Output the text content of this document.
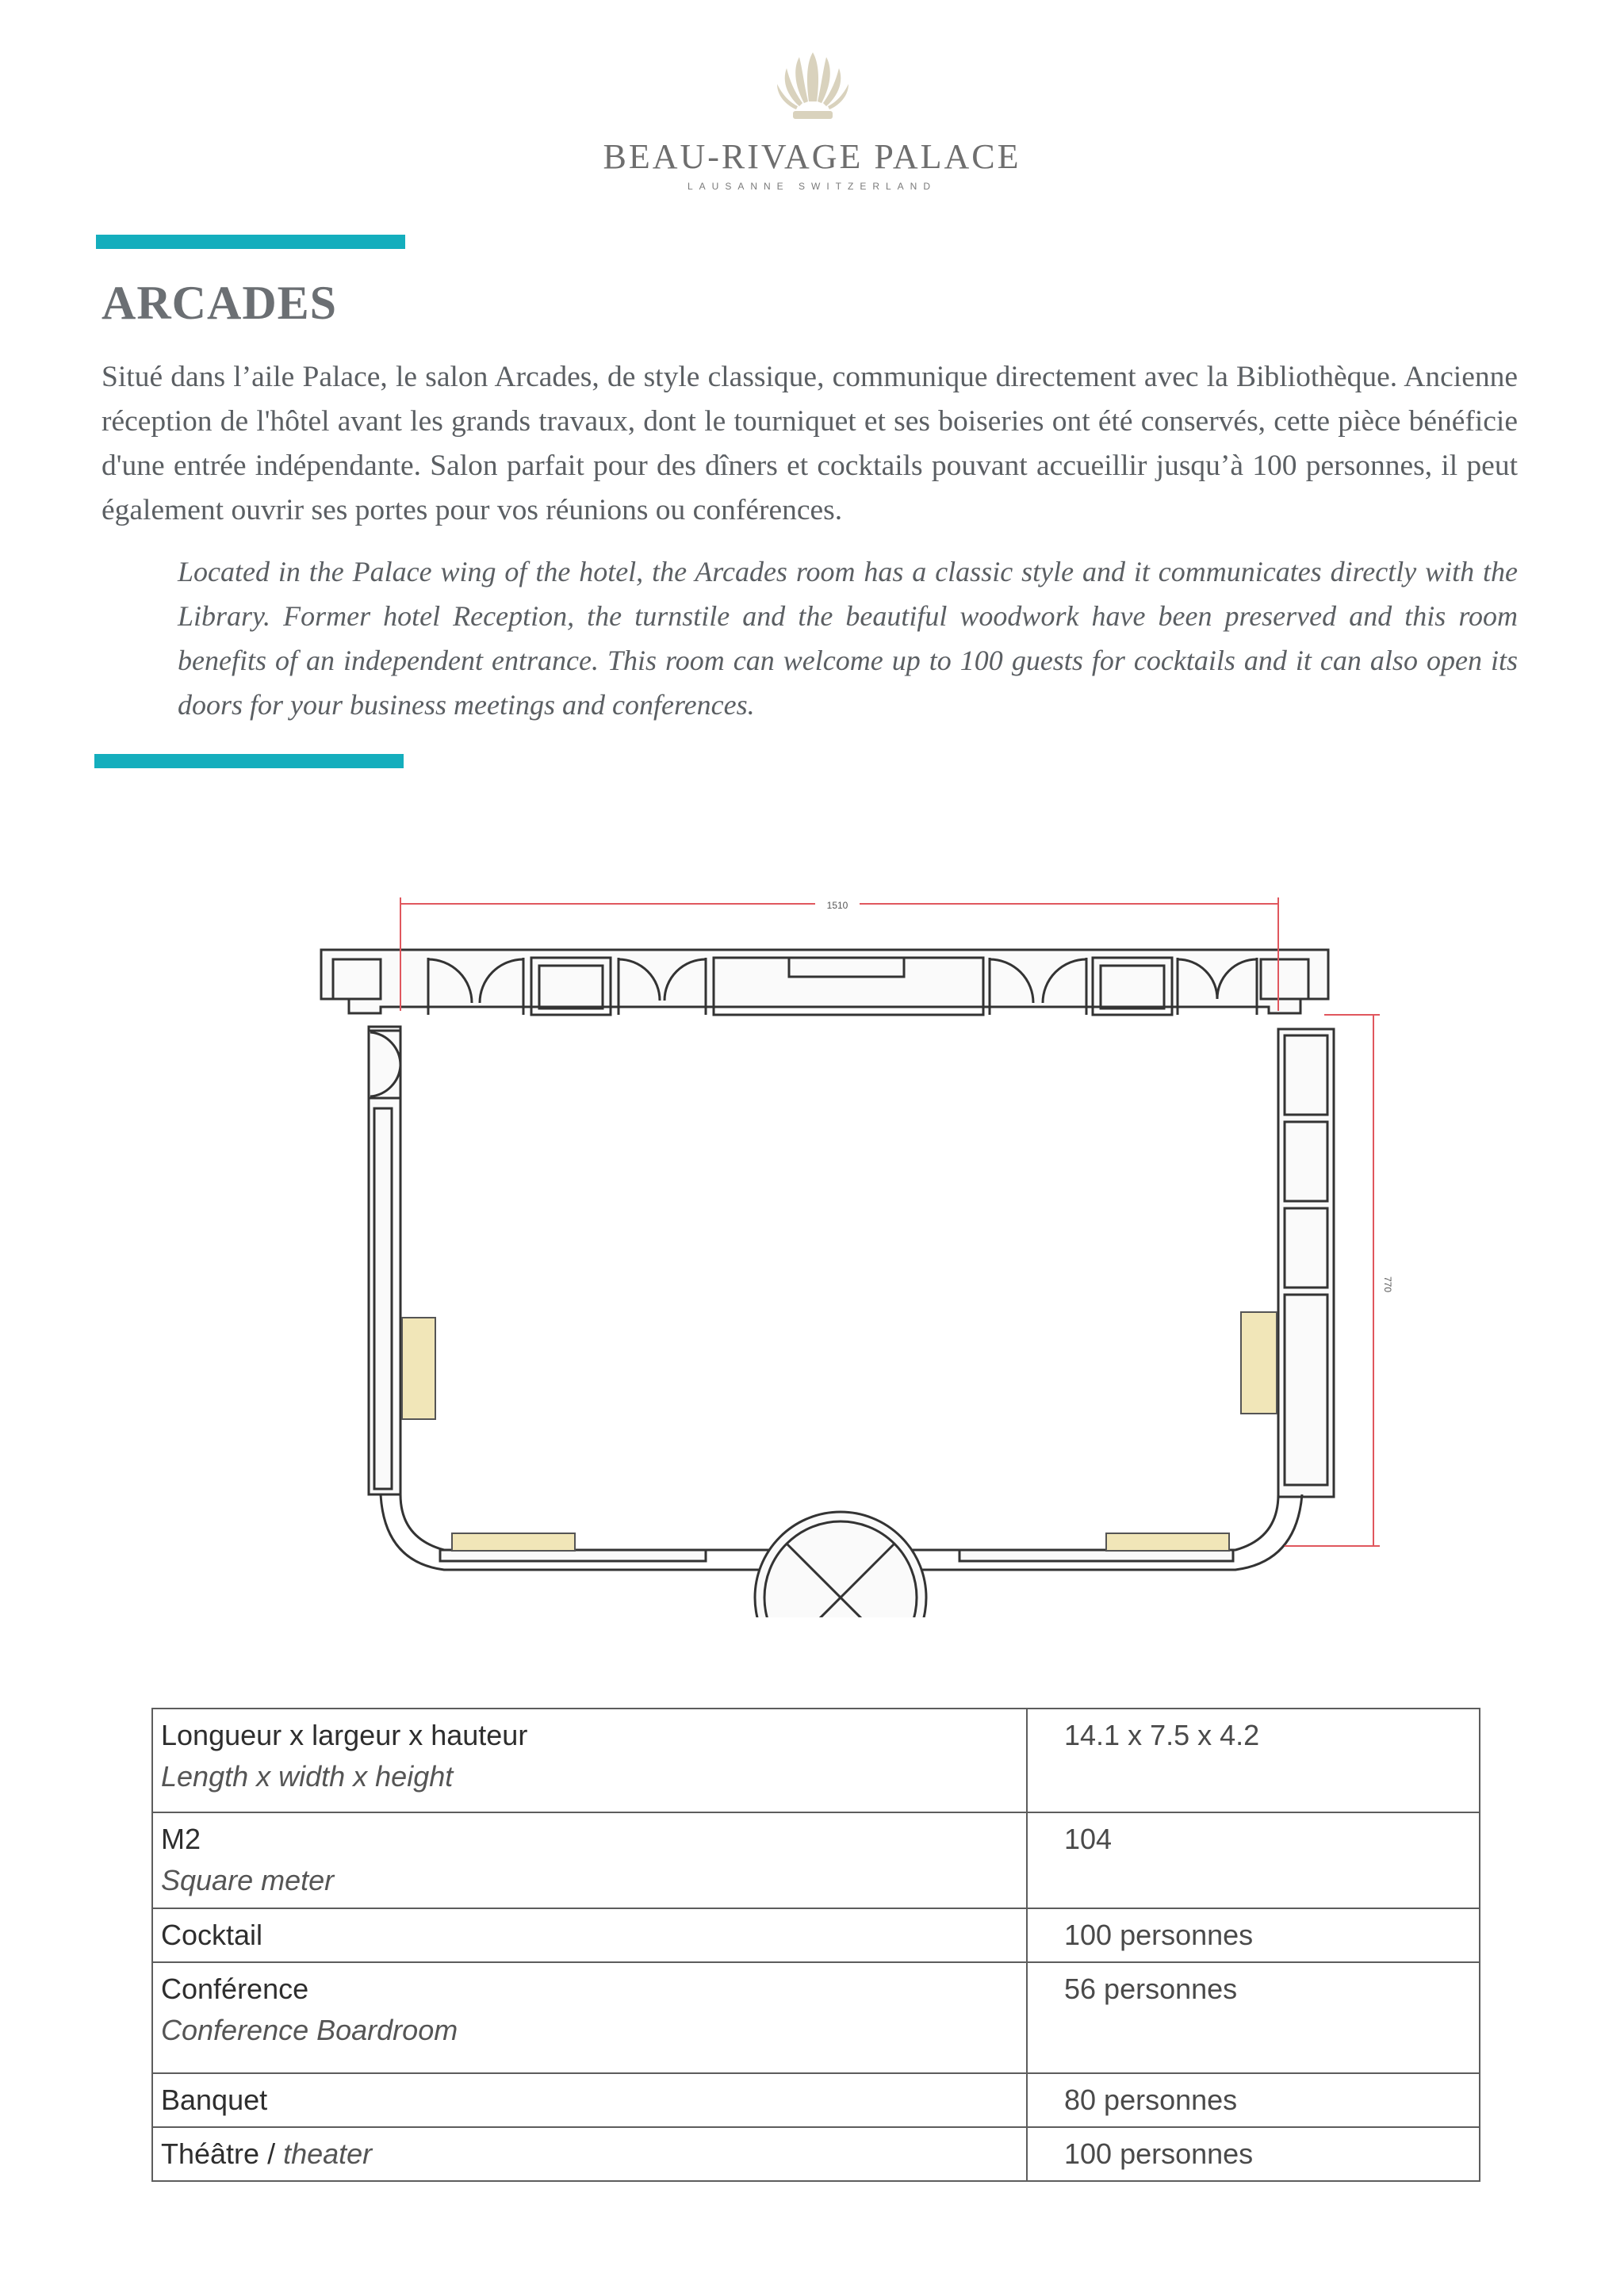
BEAU-RIVAGE PALACE
LAUSANNE SWITZERLAND
ARCADES
Situé dans l’aile Palace, le salon Arcades, de style classique, communique directement avec la Bibliothèque. Ancienne réception de l'hôtel avant les grands travaux, dont le tourniquet et ses boiseries ont été conservés, cette pièce bénéficie d'une entrée indépendante. Salon parfait pour des dîners et cocktails pouvant accueillir jusqu’à 100 personnes, il peut également ouvrir ses portes pour vos réunions ou conférences.
Located in the Palace wing of the hotel, the Arcades room has a classic style and it communicates directly with the Library. Former hotel Reception, the turnstile and the beautiful woodwork have been preserved and this room benefits of an independent entrance. This room can welcome up to 100 guests for cocktails and it can also open its doors for your business meetings and conferences.
1510
770
Longueur x largeur x hauteur
Length x width x height	14.1 x 7.5 x 4.2
M2
Square meter	104
Cocktail	100 personnes
Conférence
Conference Boardroom	56 personnes
Banquet	80 personnes
Théâtre / theater	100 personnes
